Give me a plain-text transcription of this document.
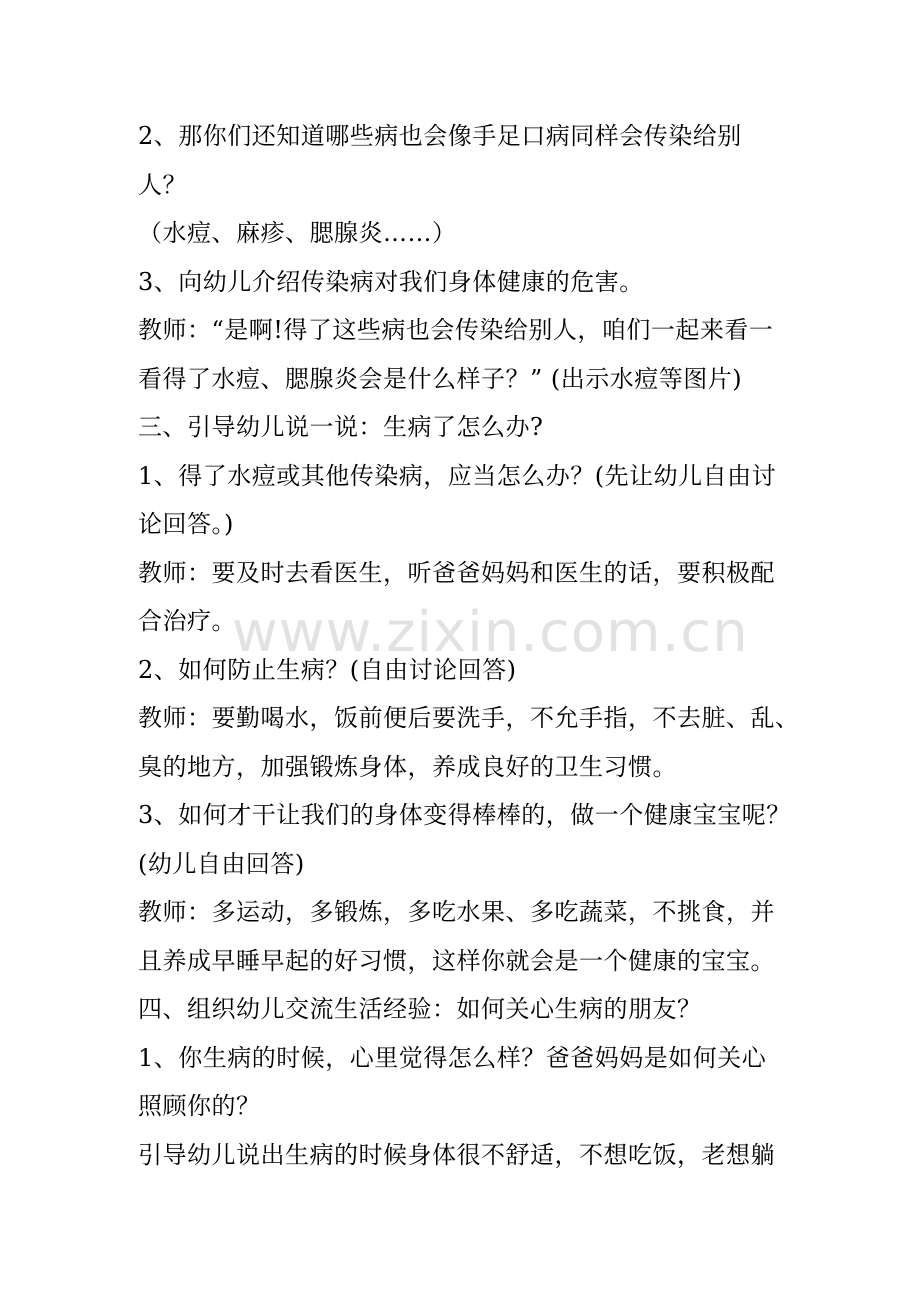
2、那你们还知道哪些病也会像手足口病同样会传染给别
人？
（水痘、麻疹、腮腺炎……）
3、向幼儿介绍传染病对我们身体健康的危害。
教师：“是啊!得了这些病也会传染给别人，咱们一起来看一
看得了水痘、腮腺炎会是什么样子？” (出示水痘等图片)
三、引导幼儿说一说：生病了怎么办?
1、得了水痘或其他传染病，应当怎么办？(先让幼儿自由讨
论回答。)
教师：要及时去看医生，听爸爸妈妈和医生的话，要积极配
合治疗。
2、如何防止生病？(自由讨论回答)
教师：要勤喝水，饭前便后要洗手，不允手指，不去脏、乱、
臭的地方，加强锻炼身体，养成良好的卫生习惯。
3、如何才干让我们的身体变得棒棒的，做一个健康宝宝呢？
(幼儿自由回答)
教师：多运动，多锻炼，多吃水果、多吃蔬菜，不挑食，并
且养成早睡早起的好习惯，这样你就会是一个健康的宝宝。
四、组织幼儿交流生活经验：如何关心生病的朋友？
1、你生病的时候，心里觉得怎么样？爸爸妈妈是如何关心
照顾你的？
引导幼儿说出生病的时候身体很不舒适，不想吃饭，老想躺
www.zixin.com.cn
